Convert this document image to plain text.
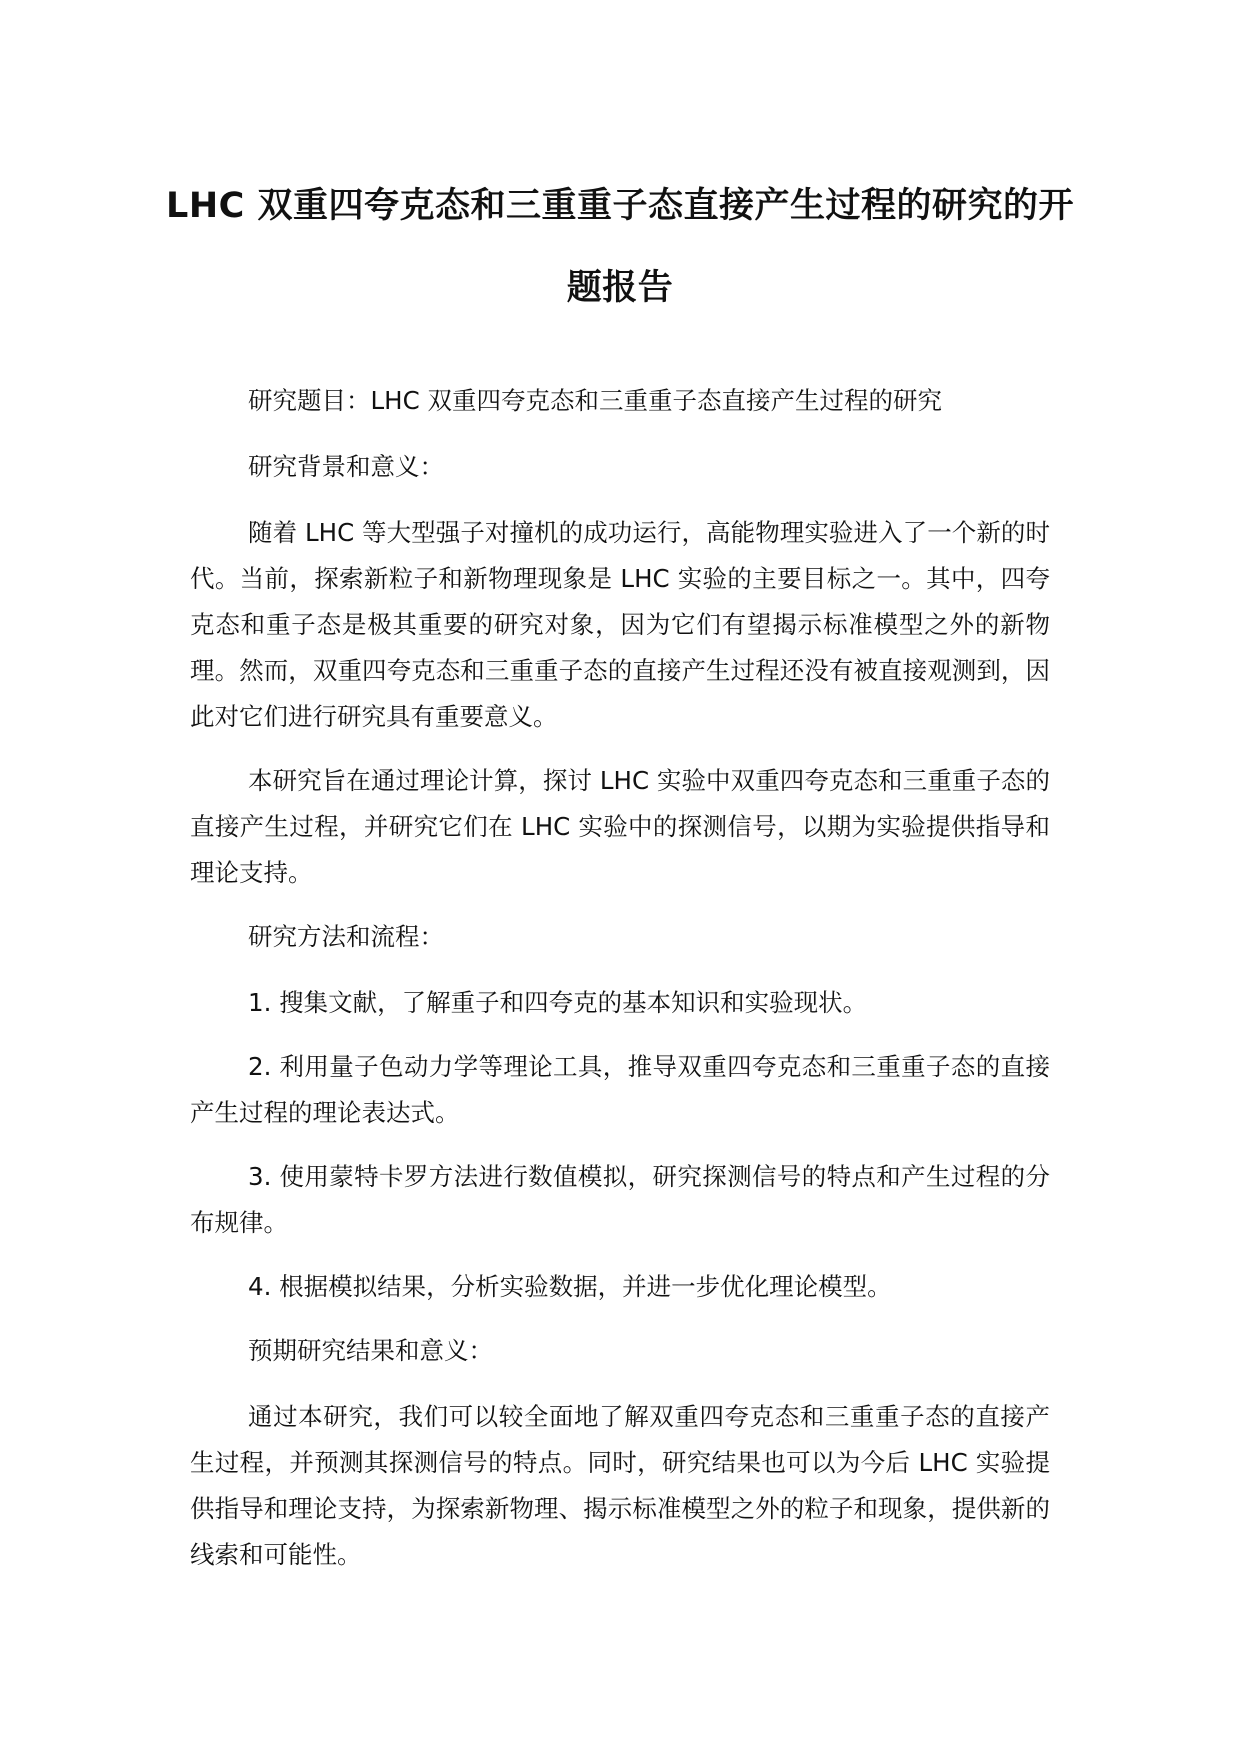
LHC 双重四夸克态和三重重子态直接产生过程的研究的开题报告

研究题目：LHC 双重四夸克态和三重重子态直接产生过程的研究

研究背景和意义：

随着 LHC 等大型强子对撞机的成功运行，高能物理实验进入了一个新的时代。当前，探索新粒子和新物理现象是 LHC 实验的主要目标之一。其中，四夸克态和重子态是极其重要的研究对象，因为它们有望揭示标准模型之外的新物理。然而，双重四夸克态和三重重子态的直接产生过程还没有被直接观测到，因此对它们进行研究具有重要意义。

本研究旨在通过理论计算，探讨 LHC 实验中双重四夸克态和三重重子态的直接产生过程，并研究它们在 LHC 实验中的探测信号，以期为实验提供指导和理论支持。

研究方法和流程：

1. 搜集文献，了解重子和四夸克的基本知识和实验现状。

2. 利用量子色动力学等理论工具，推导双重四夸克态和三重重子态的直接产生过程的理论表达式。

3. 使用蒙特卡罗方法进行数值模拟，研究探测信号的特点和产生过程的分布规律。

4. 根据模拟结果，分析实验数据，并进一步优化理论模型。

预期研究结果和意义：

通过本研究，我们可以较全面地了解双重四夸克态和三重重子态的直接产生过程，并预测其探测信号的特点。同时，研究结果也可以为今后 LHC 实验提供指导和理论支持，为探索新物理、揭示标准模型之外的粒子和现象，提供新的线索和可能性。
